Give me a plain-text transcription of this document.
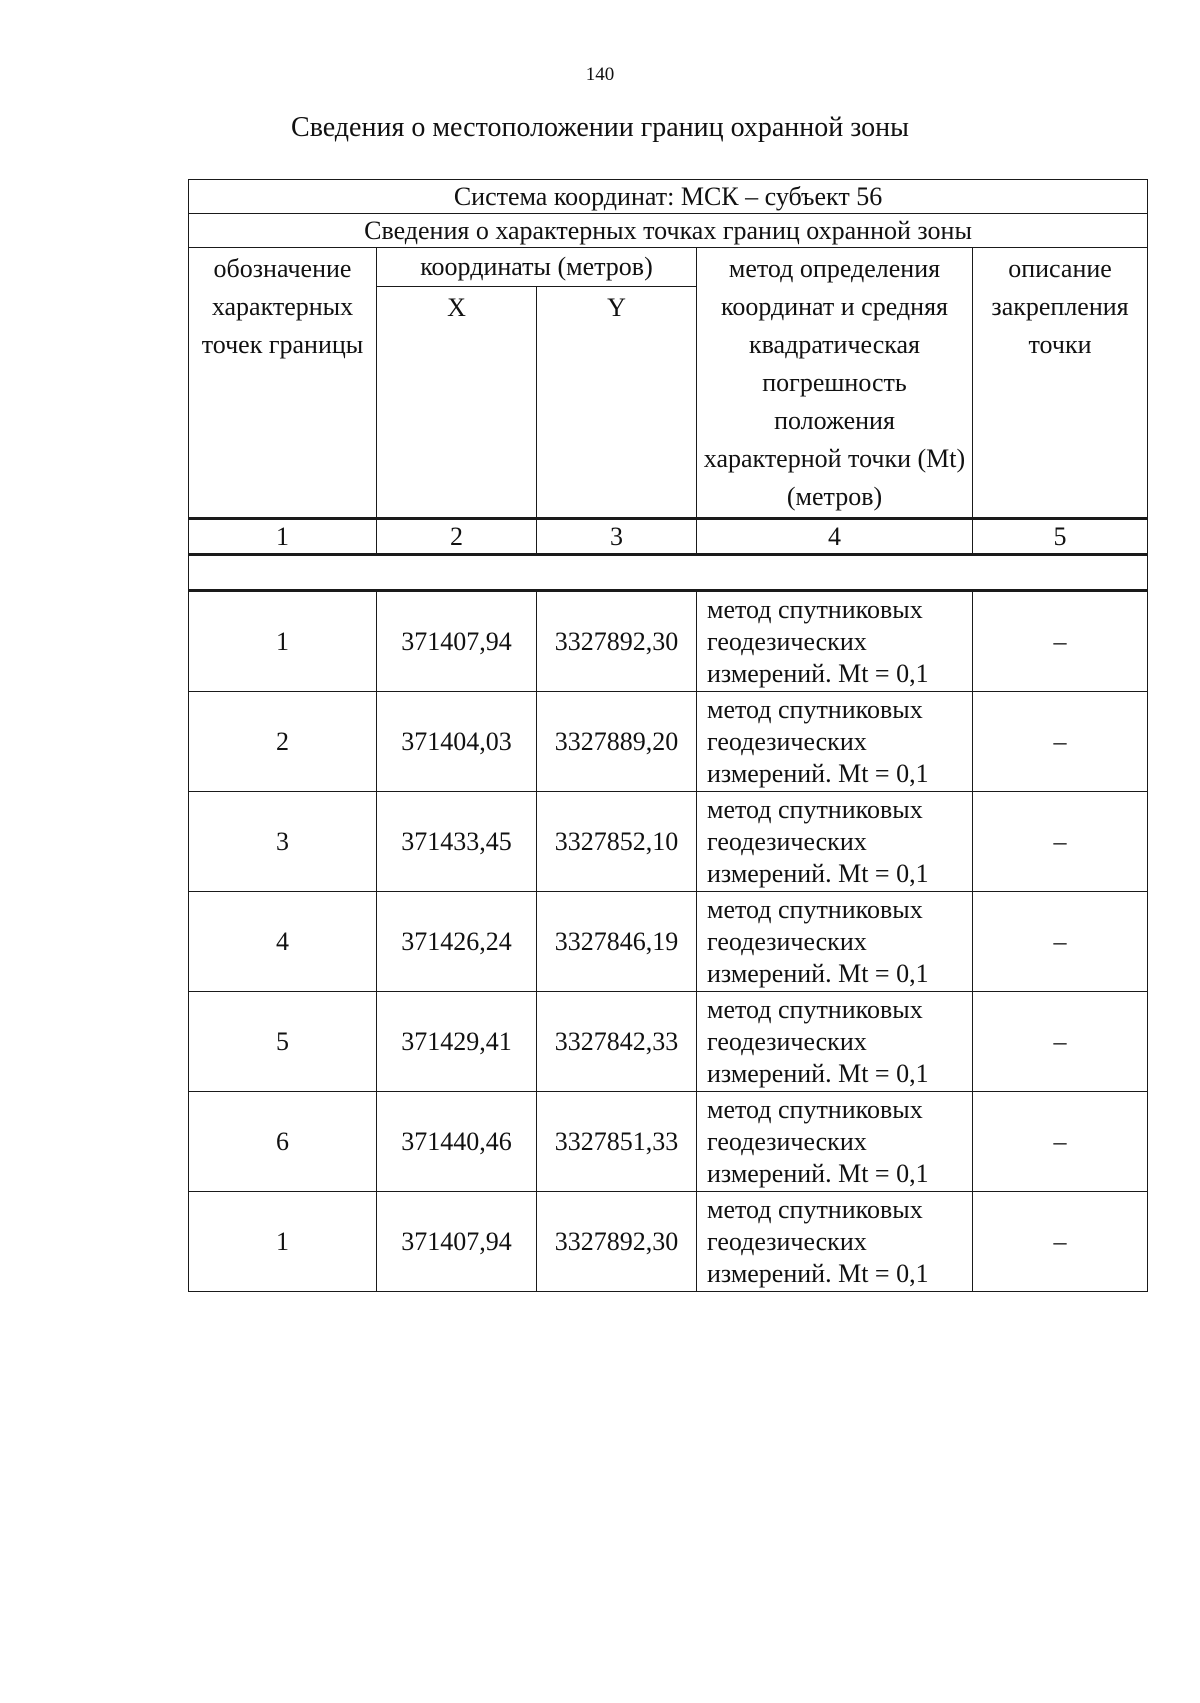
140
Сведения о местоположении границ охранной зоны
Система координат: МСК – субъект 56				
Сведения о характерных точках границ охранной зоны				
обозначение характерных точек границы	координаты (метров)		метод определения координат и средняя квадратическая погрешность положения характерной точки (Mt) (метров)	описание закрепления точки
	X	Y		
1	2	3	4	5

1	371407,94	3327892,30	метод спутниковых геодезических измерений. Mt = 0,1	–
2	371404,03	3327889,20	метод спутниковых геодезических измерений. Mt = 0,1	–
3	371433,45	3327852,10	метод спутниковых геодезических измерений. Mt = 0,1	–
4	371426,24	3327846,19	метод спутниковых геодезических измерений. Mt = 0,1	–
5	371429,41	3327842,33	метод спутниковых геодезических измерений. Mt = 0,1	–
6	371440,46	3327851,33	метод спутниковых геодезических измерений. Mt = 0,1	–
1	371407,94	3327892,30	метод спутниковых геодезических измерений. Mt = 0,1	–
